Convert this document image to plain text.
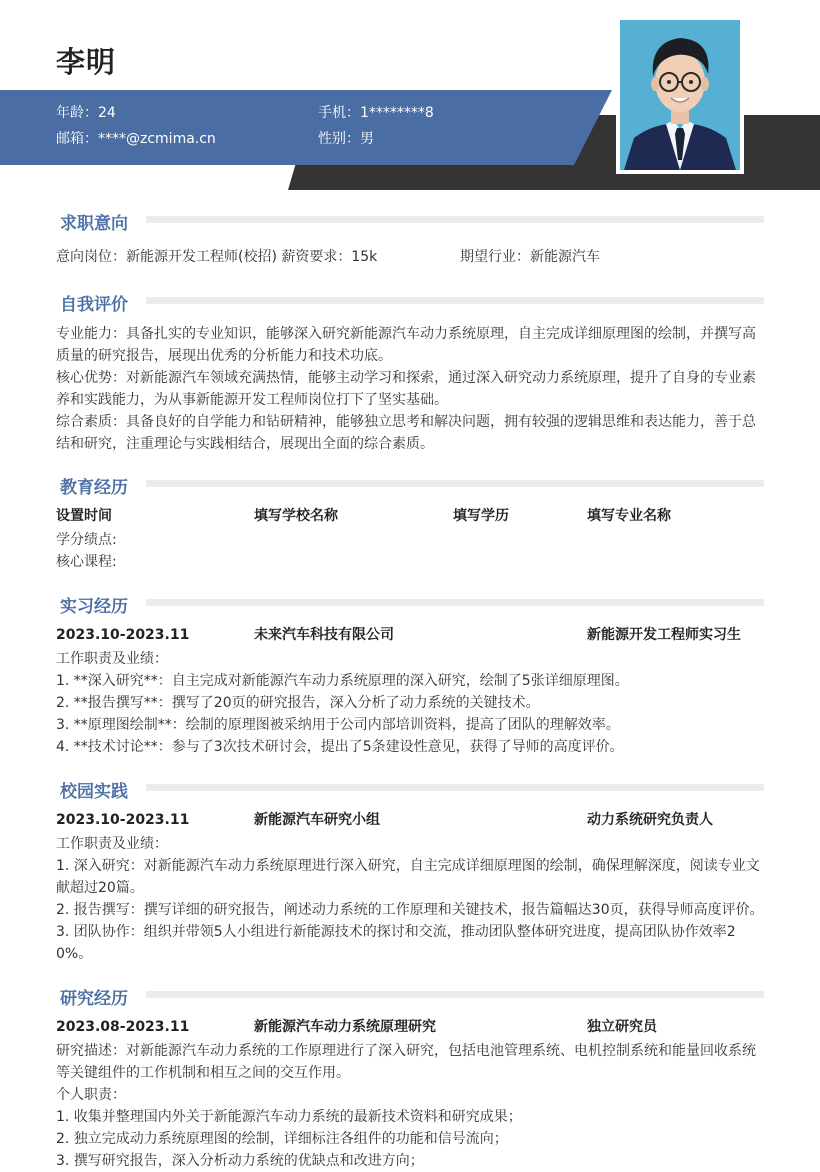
李明
年龄：24	手机：1********8
邮箱：****@zcmima.cn	性别：男
求职意向
意向岗位：新能源开发工程师(校招) 薪资要求：15k	期望行业：新能源汽车
自我评价
专业能力：具备扎实的专业知识，能够深入研究新能源汽车动力系统原理，自主完成详细原理图的绘制，并撰写高
质量的研究报告，展现出优秀的分析能力和技术功底。
核心优势：对新能源汽车领域充满热情，能够主动学习和探索，通过深入研究动力系统原理，提升了自身的专业素
养和实践能力，为从事新能源开发工程师岗位打下了坚实基础。
综合素质：具备良好的自学能力和钻研精神，能够独立思考和解决问题，拥有较强的逻辑思维和表达能力，善于总
结和研究，注重理论与实践相结合，展现出全面的综合素质。
教育经历
设置时间	填写学校名称	填写学历	填写专业名称
学分绩点:
核心课程:
实习经历
2023.10-2023.11	未来汽车科技有限公司	新能源开发工程师实习生
工作职责及业绩：
1. **深入研究**：自主完成对新能源汽车动力系统原理的深入研究，绘制了5张详细原理图。
2. **报告撰写**：撰写了20页的研究报告，深入分析了动力系统的关键技术。
3. **原理图绘制**：绘制的原理图被采纳用于公司内部培训资料，提高了团队的理解效率。
4. **技术讨论**：参与了3次技术研讨会，提出了5条建设性意见，获得了导师的高度评价。
校园实践
2023.10-2023.11	新能源汽车研究小组	动力系统研究负责人
工作职责及业绩：
1. 深入研究：对新能源汽车动力系统原理进行深入研究，自主完成详细原理图的绘制，确保理解深度，阅读专业文
献超过20篇。
2. 报告撰写：撰写详细的研究报告，阐述动力系统的工作原理和关键技术，报告篇幅达30页，获得导师高度评价。
3. 团队协作：组织并带领5人小组进行新能源技术的探讨和交流，推动团队整体研究进度，提高团队协作效率2
0%。
研究经历
2023.08-2023.11	新能源汽车动力系统原理研究	独立研究员
研究描述：对新能源汽车动力系统的工作原理进行了深入研究，包括电池管理系统、电机控制系统和能量回收系统
等关键组件的工作机制和相互之间的交互作用。
个人职责：
1. 收集并整理国内外关于新能源汽车动力系统的最新技术资料和研究成果；
2. 独立完成动力系统原理图的绘制，详细标注各组件的功能和信号流向；
3. 撰写研究报告，深入分析动力系统的优缺点和改进方向；
